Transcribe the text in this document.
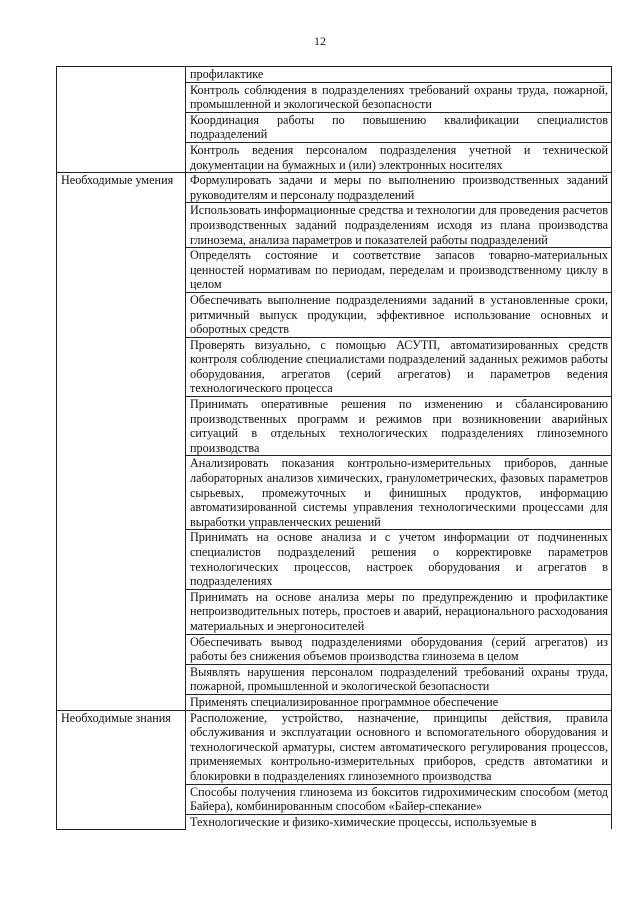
12
	профилактике
	Контроль соблюдения в подразделениях требований охраны труда, пожарной, промышленной и экологической безопасности
	Координация работы по повышению квалификации специалистов подразделений
	Контроль ведения персоналом подразделения учетной и технической документации на бумажных и (или) электронных носителях
Необходимые умения	Формулировать задачи и меры по выполнению производственных заданий руководителям и персоналу подразделений
	Использовать информационные средства и технологии для проведения расчетов производственных заданий подразделениям исходя из плана производства глинозема, анализа параметров и показателей работы подразделений
	Определять состояние и соответствие запасов товарно-материальных ценностей нормативам по периодам, переделам и производственному циклу в целом
	Обеспечивать выполнение подразделениями заданий в установленные сроки, ритмичный выпуск продукции, эффективное использование основных и оборотных средств
	Проверять визуально, с помощью АСУТП, автоматизированных средств контроля соблюдение специалистами подразделений заданных режимов работы оборудования, агрегатов (серий агрегатов) и параметров ведения технологического процесса
	Принимать оперативные решения по изменению и сбалансированию производственных программ и режимов при возникновении аварийных ситуаций в отдельных технологических подразделениях глиноземного производства
	Анализировать показания контрольно-измерительных приборов, данные лабораторных анализов химических, гранулометрических, фазовых параметров сырьевых, промежуточных и финишных продуктов, информацию автоматизированной системы управления технологическими процессами для выработки управленческих решений
	Принимать на основе анализа и с учетом информации от подчиненных специалистов подразделений решения о корректировке параметров технологических процессов, настроек оборудования и агрегатов в подразделениях
	Принимать на основе анализа меры по предупреждению и профилактике непроизводительных потерь, простоев и аварий, нерационального расходования материальных и энергоносителей
	Обеспечивать вывод подразделениями оборудования (серий агрегатов) из работы без снижения объемов производства глинозема в целом
	Выявлять нарушения персоналом подразделений требований охраны труда, пожарной, промышленной и экологической безопасности
	Применять специализированное программное обеспечение
Необходимые знания	Расположение, устройство, назначение, принципы действия, правила обслуживания и эксплуатации основного и вспомогательного оборудования и технологической арматуры, систем автоматического регулирования процессов, применяемых контрольно-измерительных приборов, средств автоматики и блокировки в подразделениях глиноземного производства
	Способы получения глинозема из бокситов гидрохимическим способом (метод Байера), комбинированным способом «Байер-спекание»
	Технологические и физико-химические процессы, используемые в
